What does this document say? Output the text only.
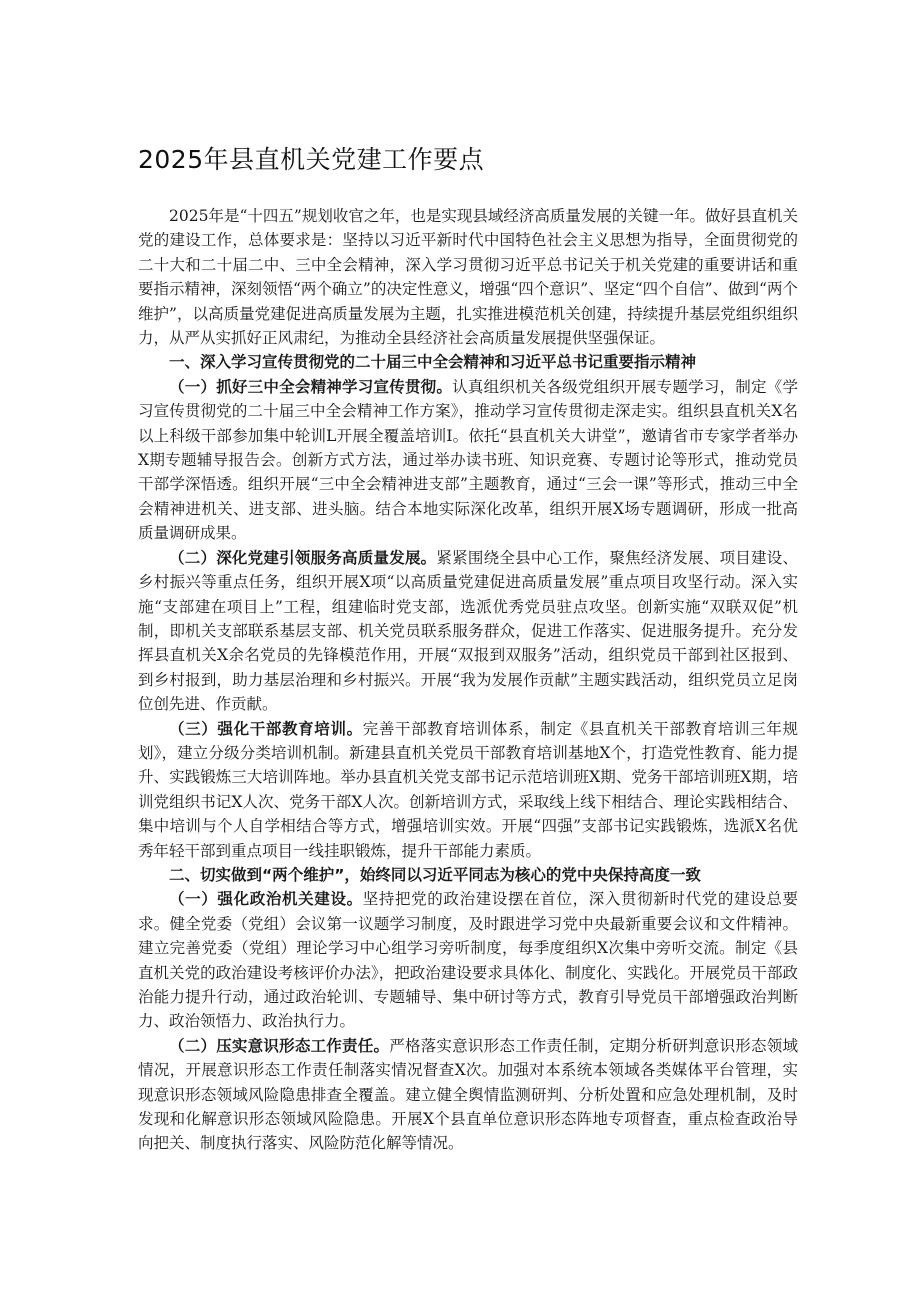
2025年县直机关党建工作要点

2025年是“十四五”规划收官之年，也是实现县域经济高质量发展的关键一年。做好县直机关党的建设工作，总体要求是：坚持以习近平新时代中国特色社会主义思想为指导，全面贯彻党的二十大和二十届二中、三中全会精神，深入学习贯彻习近平总书记关于机关党建的重要讲话和重要指示精神，深刻领悟“两个确立”的决定性意义，增强“四个意识”、坚定“四个自信”、做到“两个维护”，以高质量党建促进高质量发展为主题，扎实推进模范机关创建，持续提升基层党组织组织力，从严从实抓好正风肃纪，为推动全县经济社会高质量发展提供坚强保证。

一、深入学习宣传贯彻党的二十届三中全会精神和习近平总书记重要指示精神

（一）抓好三中全会精神学习宣传贯彻。认真组织机关各级党组织开展专题学习，制定《学习宣传贯彻党的二十届三中全会精神工作方案》，推动学习宣传贯彻走深走实。组织县直机关X名以上科级干部参加集中轮训L开展全覆盖培训I。依托“县直机关大讲堂”，邀请省市专家学者举办X期专题辅导报告会。创新方式方法，通过举办读书班、知识竞赛、专题讨论等形式，推动党员干部学深悟透。组织开展“三中全会精神进支部”主题教育，通过“三会一课”等形式，推动三中全会精神进机关、进支部、进头脑。结合本地实际深化改革，组织开展X场专题调研，形成一批高质量调研成果。

（二）深化党建引领服务高质量发展。紧紧围绕全县中心工作，聚焦经济发展、项目建设、乡村振兴等重点任务，组织开展X项“以高质量党建促进高质量发展”重点项目攻坚行动。深入实施“支部建在项目上”工程，组建临时党支部，选派优秀党员驻点攻坚。创新实施“双联双促”机制，即机关支部联系基层支部、机关党员联系服务群众，促进工作落实、促进服务提升。充分发挥县直机关X余名党员的先锋模范作用，开展“双报到双服务”活动，组织党员干部到社区报到、到乡村报到，助力基层治理和乡村振兴。开展“我为发展作贡献”主题实践活动，组织党员立足岗位创先进、作贡献。

（三）强化干部教育培训。完善干部教育培训体系，制定《县直机关干部教育培训三年规划》，建立分级分类培训机制。新建县直机关党员干部教育培训基地X个，打造党性教育、能力提升、实践锻炼三大培训阵地。举办县直机关党支部书记示范培训班X期、党务干部培训班X期，培训党组织书记X人次、党务干部X人次。创新培训方式，采取线上线下相结合、理论实践相结合、集中培训与个人自学相结合等方式，增强培训实效。开展“四强”支部书记实践锻炼，选派X名优秀年轻干部到重点项目一线挂职锻炼，提升干部能力素质。

二、切实做到“两个维护”，始终同以习近平同志为核心的党中央保持高度一致

（一）强化政治机关建设。坚持把党的政治建设摆在首位，深入贯彻新时代党的建设总要求。健全党委（党组）会议第一议题学习制度，及时跟进学习党中央最新重要会议和文件精神。建立完善党委（党组）理论学习中心组学习旁听制度，每季度组织X次集中旁听交流。制定《县直机关党的政治建设考核评价办法》，把政治建设要求具体化、制度化、实践化。开展党员干部政治能力提升行动，通过政治轮训、专题辅导、集中研讨等方式，教育引导党员干部增强政治判断力、政治领悟力、政治执行力。

（二）压实意识形态工作责任。严格落实意识形态工作责任制，定期分析研判意识形态领域情况，开展意识形态工作责任制落实情况督查X次。加强对本系统本领域各类媒体平台管理，实现意识形态领域风险隐患排查全覆盖。建立健全舆情监测研判、分析处置和应急处理机制，及时发现和化解意识形态领域风险隐患。开展X个县直单位意识形态阵地专项督查，重点检查政治导向把关、制度执行落实、风险防范化解等情况。
